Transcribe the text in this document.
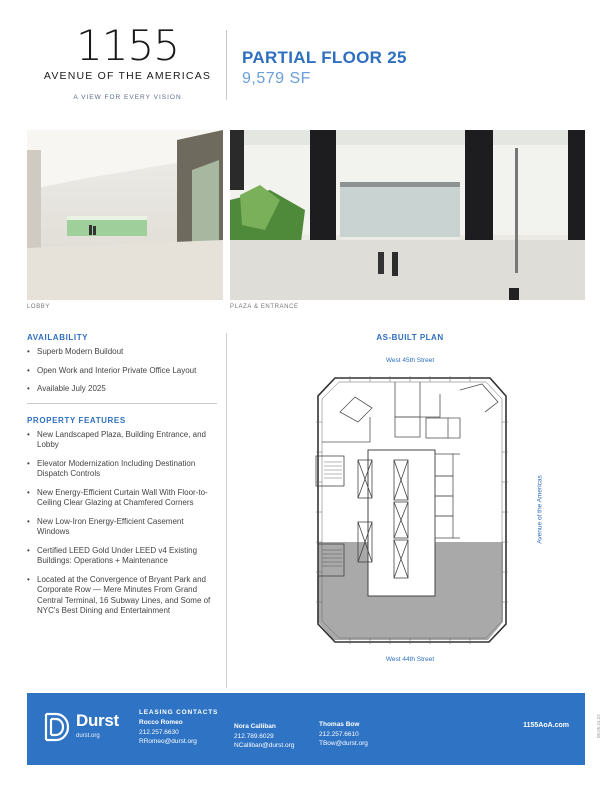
1155
AVENUE OF THE AMERICAS
A VIEW FOR EVERY VISION
PARTIAL FLOOR 25
9,579 SF
LOBBY	PLAZA & ENTRANCE
AVAILABILITY
• Superb Modern Buildout
• Open Work and Interior Private Office Layout
• Available July 2025
PROPERTY FEATURES
• New Landscaped Plaza, Building Entrance, and Lobby
• Elevator Modernization Including Destination Dispatch Controls
• New Energy-Efficient Curtain Wall With Floor-to-Ceiling Clear Glazing at Chamfered Corners
• New Low-Iron Energy-Efficient Casement Windows
• Certified LEED Gold Under LEED v4 Existing Buildings: Operations + Maintenance
• Located at the Convergence of Bryant Park and Corporate Row — Mere Minutes From Grand Central Terminal, 16 Subway Lines, and Some of NYC's Best Dining and Entertainment
AS-BUILT PLAN
West 45th Street
West 44th Street
Avenue of the Americas
Durst
durst.org
LEASING CONTACTS
Rocco Romeo
212.257.6630
RRomeo@durst.org
Nora Calliban
212.789.6029
NCalliban@durst.org
Thomas Bow
212.257.6610
TBow@durst.org
1155AoA.com	06.05.24.22
